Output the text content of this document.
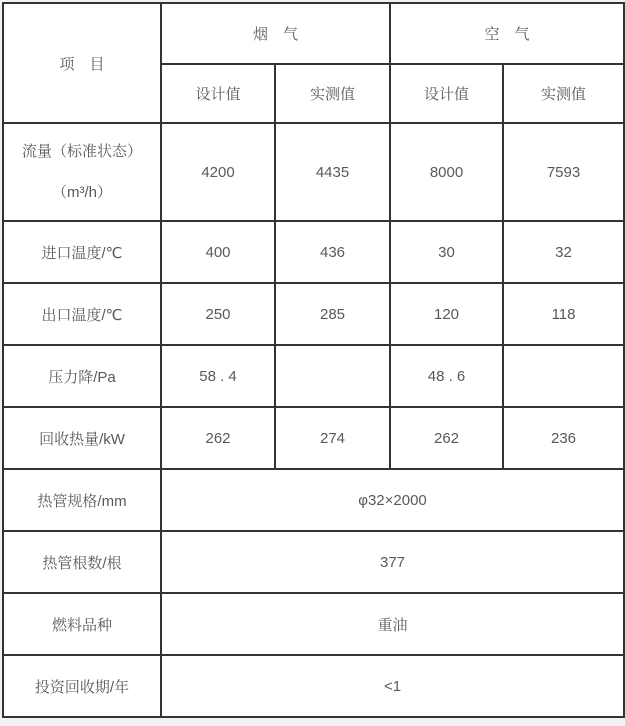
项　目	烟　气		空　气	
	设计值	实测值	设计值	实测值

流量（标准状态）
（m³/h）	4200	4435	8000	7593
进口温度/℃	400	436	30	32
出口温度/℃	250	285	120	118
压力降/Pa	58 . 4		48 . 6	
回收热量/kW	262	274	262	236
热管规格/mm	φ32×2000			
热管根数/根	377			
燃料品种	重油			
投资回收期/年	<1			
